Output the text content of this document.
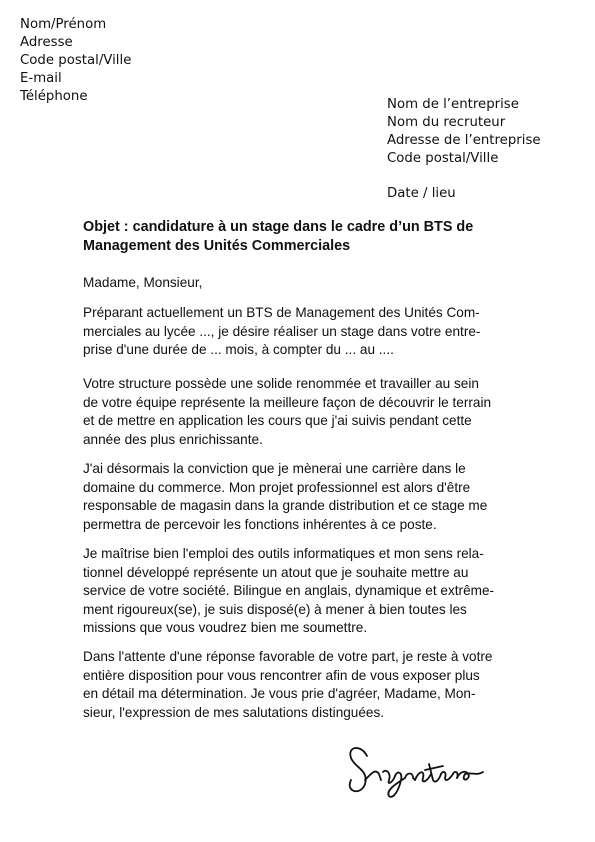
Nom/Prénom
Adresse
Code postal/Ville
E-mail
Téléphone
Nom de l’entreprise
Nom du recruteur
Adresse de l’entreprise
Code postal/Ville
Date / lieu
Objet : candidature à un stage dans le cadre d’un BTS de
Management des Unités Commerciales
Madame, Monsieur,
Préparant actuellement un BTS de Management des Unités Com-
merciales au lycée ..., je désire réaliser un stage dans votre entre-
prise d'une durée de ... mois, à compter du ... au ....
Votre structure possède une solide renommée et travailler au sein
de votre équipe représente la meilleure façon de découvrir le terrain
et de mettre en application les cours que j'ai suivis pendant cette
année des plus enrichissante.
J'ai désormais la conviction que je mènerai une carrière dans le
domaine du commerce. Mon projet professionnel est alors d'être
responsable de magasin dans la grande distribution et ce stage me
permettra de percevoir les fonctions inhérentes à ce poste.
Je maîtrise bien l'emploi des outils informatiques et mon sens rela-
tionnel développé représente un atout que je souhaite mettre au
service de votre société. Bilingue en anglais, dynamique et extrême-
ment rigoureux(se), je suis disposé(e) à mener à bien toutes les
missions que vous voudrez bien me soumettre.
Dans l'attente d'une réponse favorable de votre part, je reste à votre
entière disposition pour vous rencontrer afin de vous exposer plus
en détail ma détermination. Je vous prie d'agréer, Madame, Mon-
sieur, l'expression de mes salutations distinguées.
